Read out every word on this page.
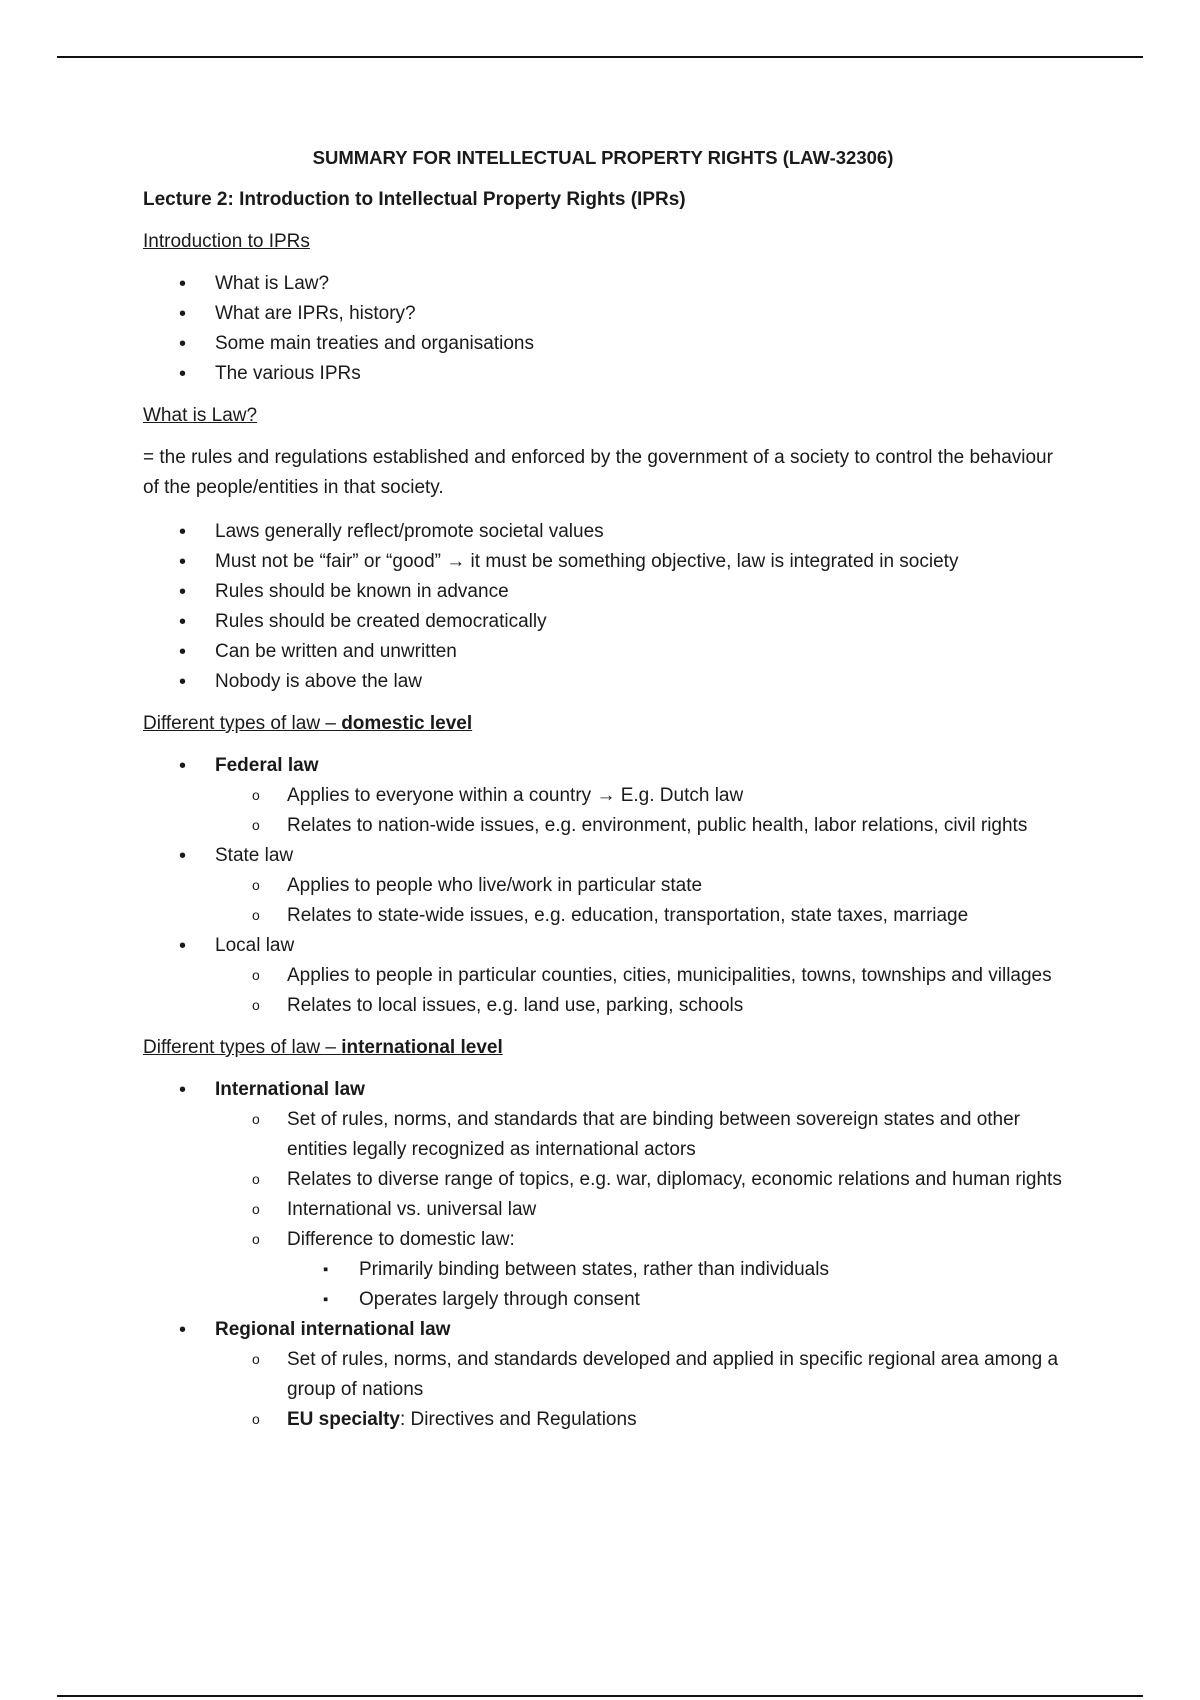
SUMMARY FOR INTELLECTUAL PROPERTY RIGHTS (LAW-32306)
Lecture 2: Introduction to Intellectual Property Rights (IPRs)
Introduction to IPRs
• What is Law?
• What are IPRs, history?
• Some main treaties and organisations
• The various IPRs
What is Law?

= the rules and regulations established and enforced by the government of a society to control the behaviour of the people/entities in that society.

• Laws generally reflect/promote societal values
• Must not be “fair” or “good” → it must be something objective, law is integrated in society
• Rules should be known in advance
• Rules should be created democratically
• Can be written and unwritten
• Nobody is above the law
Different types of law – domestic level
• Federal law
o Applies to everyone within a country → E.g. Dutch law
o Relates to nation-wide issues, e.g. environment, public health, labor relations, civil rights
• State law
o Applies to people who live/work in particular state
o Relates to state-wide issues, e.g. education, transportation, state taxes, marriage
• Local law
o Applies to people in particular counties, cities, municipalities, towns, townships and villages
o Relates to local issues, e.g. land use, parking, schools
Different types of law – international level
• International law
o Set of rules, norms, and standards that are binding between sovereign states and other entities legally recognized as international actors
o Relates to diverse range of topics, e.g. war, diplomacy, economic relations and human rights
o International vs. universal law
o Difference to domestic law:
▪ Primarily binding between states, rather than individuals
▪ Operates largely through consent
• Regional international law
o Set of rules, norms, and standards developed and applied in specific regional area among a group of nations
o EU specialty: Directives and Regulations
